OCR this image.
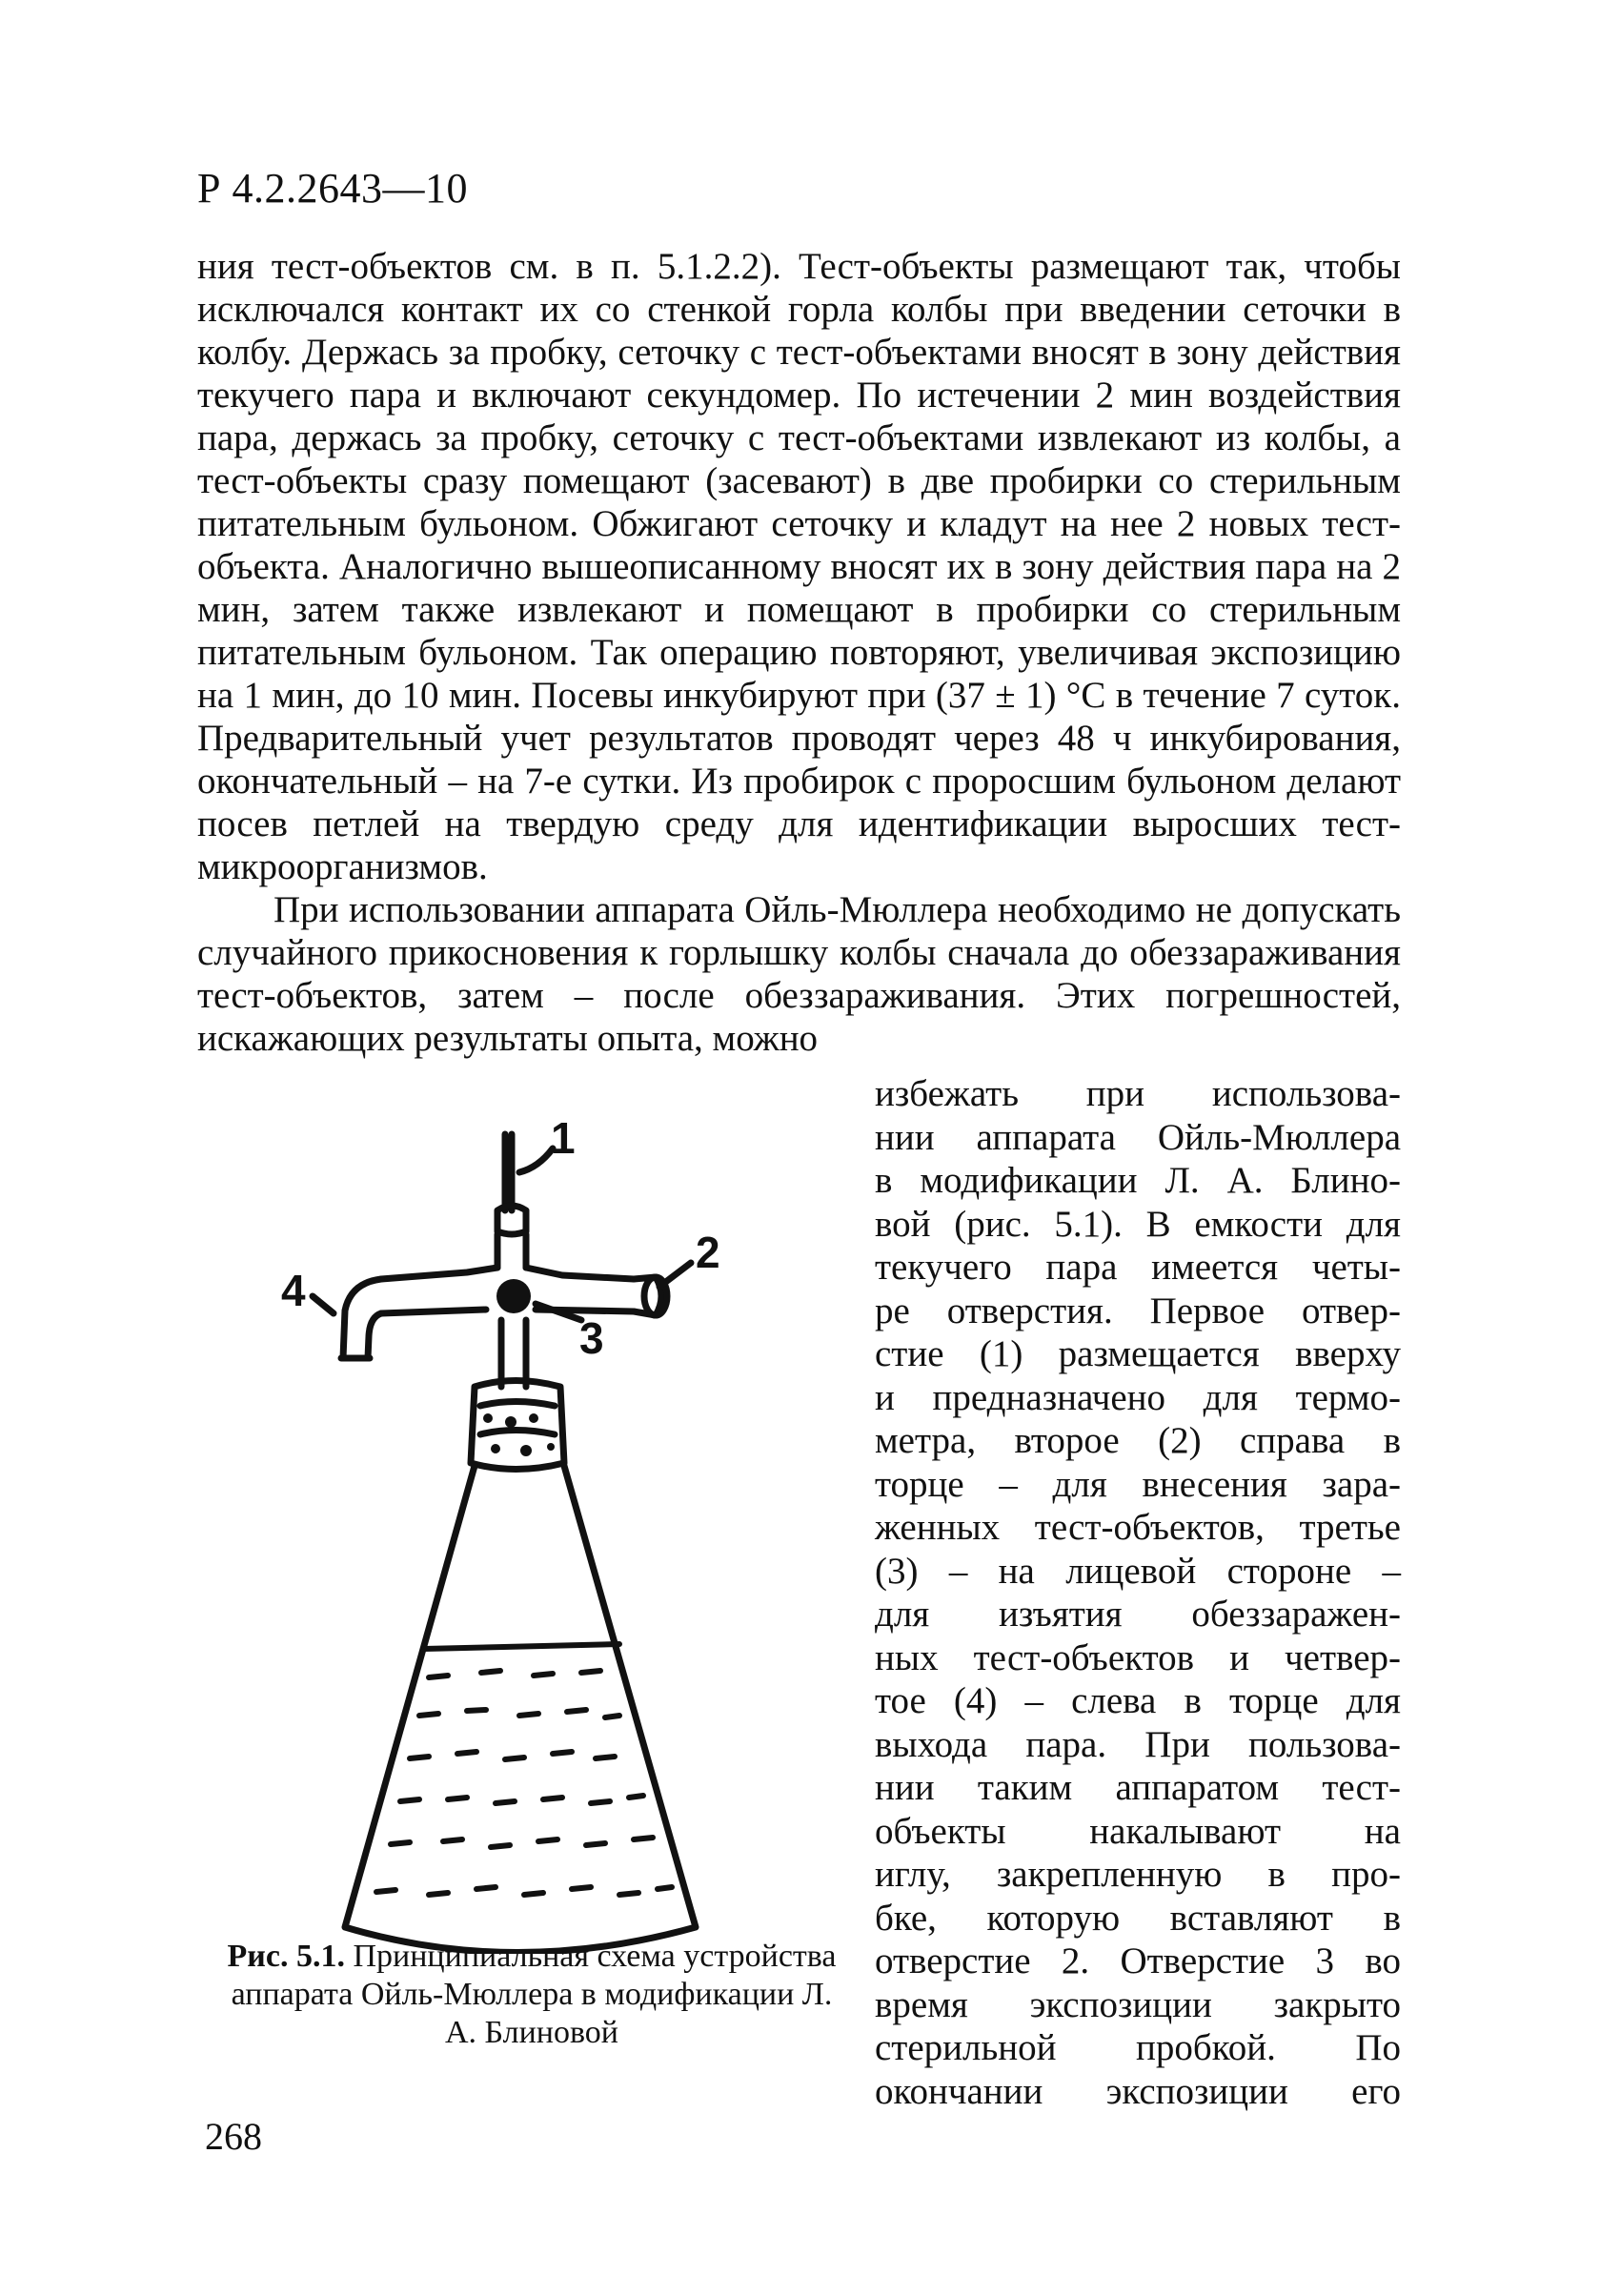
Р 4.2.2643—10

ния тест-объектов см. в п. 5.1.2.2). Тест-объекты размещают так, чтобы исключался контакт их со стенкой горла колбы при введении сеточки в колбу. Держась за пробку, сеточку с тест-объектами вносят в зону действия текучего пара и включают секундомер. По истечении 2 мин воздействия пара, держась за пробку, сеточку с тест-объектами извлекают из колбы, а тест-объекты сразу помещают (засевают) в две пробирки со стерильным питательным бульоном. Обжигают сеточку и кладут на нее 2 новых тест-объекта. Аналогично вышеописанному вносят их в зону действия пара на 2 мин, затем также извлекают и помещают в пробирки со стерильным питательным бульоном. Так операцию повторяют, увеличивая экспозицию на 1 мин, до 10 мин. Посевы инкубируют при (37 ± 1) °С в течение 7 суток. Предварительный учет результатов проводят через 48 ч инкубирования, окончательный – на 7-е сутки. Из пробирок с проросшим бульоном делают посев петлей на твердую среду для идентификации выросших тест-микроорганизмов.

При использовании аппарата Ойль-Мюллера необходимо не допускать случайного прикосновения к горлышку колбы сначала до обеззараживания тест-объектов, затем – после обеззараживания. Этих погрешностей, искажающих результаты опыта, можно

избежать при использова-
нии аппарата Ойль-Мюллера
в модификации Л. А. Блино-
вой (рис. 5.1). В емкости для
текучего пара имеется четы-
ре отверстия. Первое отвер-
стие (1) размещается вверху
и предназначено для термо-
метра, второе (2) справа в
торце – для внесения зара-
женных тест-объектов, третье
(3) – на лицевой стороне –
для изъятия обеззаражен-
ных тест-объектов и четвер-
тое (4) – слева в торце для
выхода пара. При пользова-
нии таким аппаратом тест-
объекты накалывают на
иглу, закрепленную в про-
бке, которую вставляют в
отверстие 2. Отверстие 3 во
время экспозиции закрыто
стерильной пробкой. По
окончании экспозиции его
1
2
3
4
Рис. 5.1. Принципиальная схема устройства аппарата Ойль-Мюллера в модификации Л. А. Блиновой
268
